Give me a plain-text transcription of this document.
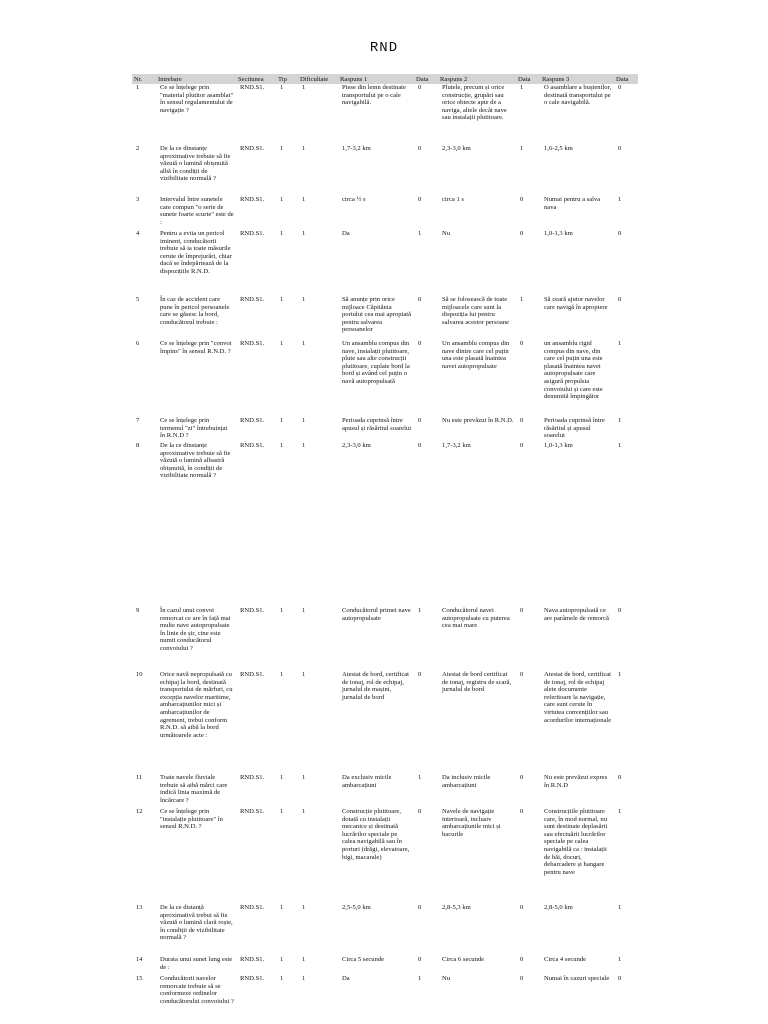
RND
Nr.	Intrebare	Sectiunea	Tip	Dificultate	Raspuns 1	Data	Raspuns 2	Data	Raspuns 3	Data
1	Ce se înțelege prin "material plutitor asamblat" în sensul regulamentului de navigație ?	RND.S1.	1	1	Piese din lemn destinate transportului pe o cale navigabilă.	0	Plutele, precum și orice construcție, grupări sau orice obiecte apte de a naviga, altele decât nave sau instalații plutitoare.	1	O asamblare a buștenilor, destinată transportului pe o cale navigabilă.	0
2	De la ce dinstanțe aproximative trebuie să fie văzută o lumină obișnuită albă în condiții de vizibilitate normală ?	RND.S1.	1	1	1,7-3,2 km	0	2,3-3,0 km	1	1,6-2,5 km	0
3	Intervalul între sunetele care compun "o serie de sunete foarte scurte" este de :	RND.S1.	1	1	circa ½ s	0	circa 1 s	0	Numai pentru a salva nava	1
4	Pentru a evita un pericol iminent, conducătorii trebuie să ia toate măsurile cerute de împrejurări, chiar dacă se îndepărtează de la dispozițiile R.N.D.	RND.S1.	1	1	Da	1	Nu	0	1,0-1,3 km	0
5	În caz de accident care pune în pericol persoanele care se găsesc la bord, conducătorul trebuie :	RND.S1.	1	1	Să anunțe prin orice mijloace Căpitănia portului cea mai apropiată pentru salvarea persoanelor	0	Să se folosească de toate mijloacele care sunt la dispoziția lui pentru salvarea acestor persoane	1	Să ceară ajutor navelor care navigă în apropiere	0
6	Ce se înțelege prin "convoi împins" în sensul R.N.D. ?	RND.S1.	1	1	Un ansamblu compus din nave, instalații plutitoare, plute sau alte construcții plutitoare, cuplate bord la bord și având cel puțin o navă autopropulsată	0	Un ansamblu compus din nave dintre care cel puțin una este plasată înaintea navei autopropulsate	0	un ansamblu rigid compus din nave, din care cel puțin una este plasată înaintea navei autopropulsate care asigură propulsia convoiului și care este denumită împingător	1
7	Ce se înțelege prin termenul "zi" întrebuințat în R.N.D ?	RND.S1.	1	1	Perioada cuprinsă între apusul și răsăritul soarelui	0	Nu este prevăzut în R.N.D.	0	Perioada cuprinsă între răsăritul și apusul soarelui	1
8	De la ce dinstanțe aproximative trebuie să fie văzută o lumină albastră obișnuită, în condiții de vizibilitate normală ?	RND.S1.	1	1	2,3-3,0 km	0	1,7-3,2 km	0	1,0-1,3 km	1
9	În cazul unui convoi remorcat ce are în față mai multe nave autopropulsate în linie de șir, cine este numit conducătorul convoiului ?	RND.S1.	1	1	Conducătorul primei nave autopropulsate	1	Conducătorul navei autopropulsate cu puterea cea mai mare	0	Nava autopropulsată ce are parâmele de remorcă	0
10	Orice navă nepropulsată cu echipaj la bord, destinată transportului de mărfuri, cu excepția navelor maritime, ambarcațiunilor mici și ambarcațiunilor de agrement, trebui conform R.N.D. să aibă la bord următoarele acte :	RND.S1.	1	1	Atestat de bord, certificat de tonaj, rol de echipaj, jurnalul de mașini, jurnalul de bord	0	Atestat de bord certificat de tonaj, registru de scară, jurnalul de bord	0	Atestat de bord, certificat de tonaj, rol de echipaj alete documente referitoare la navigație, care sunt cerute în virtutea convențiilor sau acordurilor internaționale	1
11	Toate navele fluviale trebuie să aibă mărci care indică linia maximă de încărcare ?	RND.S1.	1	1	Da exclusiv micile ambarcațiuni	1	Da inclusiv micile ambarcațiuni	0	Nu este prevăzut expres în R.N.D	0
12	Ce se înțelege prin "instalație plutitoare" în sensul R.N.D. ?	RND.S1.	1	1	Construcție plutitoare, dotată cu instalații mecanice și destinată lucrărilor speciale pe calea navigabilă sau în porturi (drăgi, elevatoare, bigi, macarale)	0	Navele de navigație interioară, inclusiv ambarcațiunile mici și bacurile	0	Construcțiile plutitoare care, în mod normal, nu sunt destinate deplasării sau efectuării lucrărilor speciale pe calea navigabilă ca : instalații de băi, docuri, debarcadere și hangare pentru nave	1
13	De la ce distanță aproximativă trebui să fie văzută o lumină clară roșie, în condiții de vizibilitate normală ?	RND.S1.	1	1	2,5-5,0 km	0	2,8-5,3 km	0	2,8-5,0 km	1
14	Durata unui sunet lung este de :	RND.S1.	1	1	Circa 5 secunde	0	Circa 6 secunde	0	Circa 4 secunde	1
15	Conducătorii navelor remorcate trebuie să se conformeze ordinelor conducătorului convoiului ?	RND.S1.	1	1	Da	1	Nu	0	Numai în cazuri speciale	0
